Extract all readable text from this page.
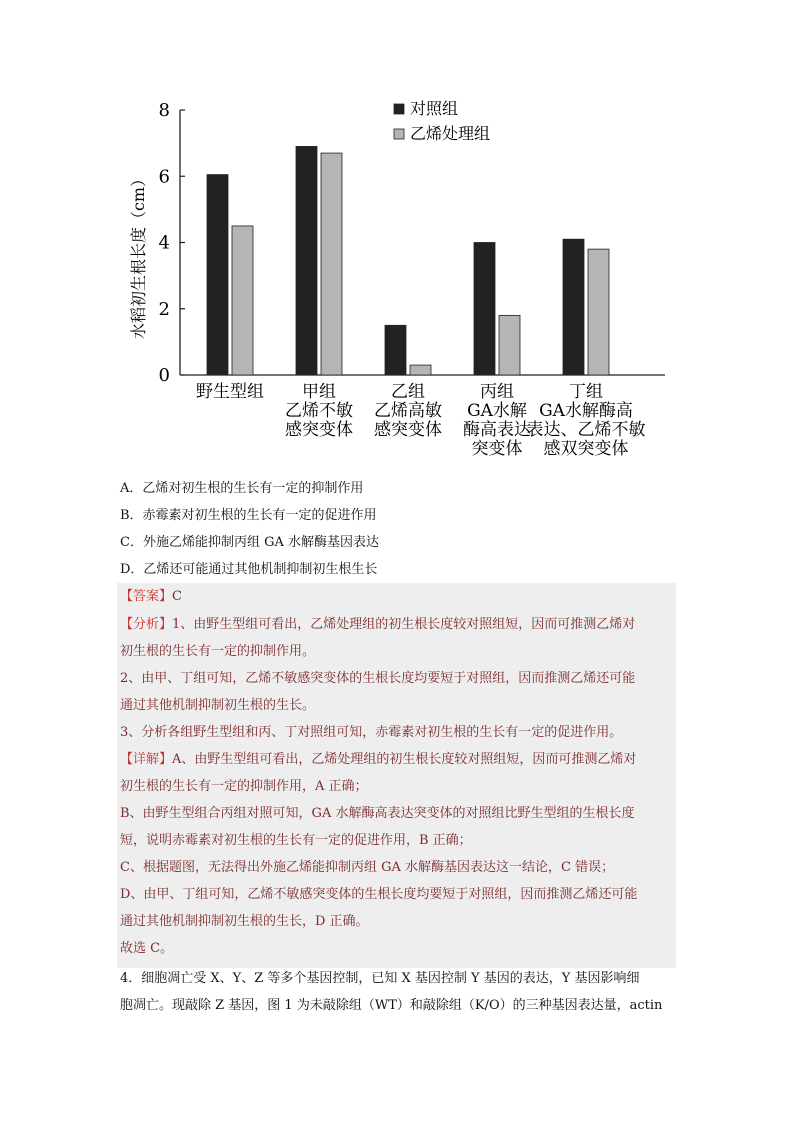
0
2
4
6
8
野生型组 甲组
乙烯不敏
感突变体
乙组
乙烯高敏
感突变体
丙组
GA水解
酶高表达
突变体
丁组
GA水解酶高
表达、乙烯不敏
感双突变体
对照组
乙烯处理组
水稻初生根长度（cm）
A．乙烯对初生根的生长有一定的抑制作用
B．赤霉素对初生根的生长有一定的促进作用
C．外施乙烯能抑制丙组 GA 水解酶基因表达
D．乙烯还可能通过其他机制抑制初生根生长
【答案】C
【分析】1、由野生型组可看出，乙烯处理组的初生根长度较对照组短，因而可推测乙烯对
初生根的生长有一定的抑制作用。
2、由甲、丁组可知，乙烯不敏感突变体的生根长度均要短于对照组，因而推测乙烯还可能
通过其他机制抑制初生根的生长。
3、分析各组野生型组和丙、丁对照组可知，赤霉素对初生根的生长有一定的促进作用。
【详解】A、由野生型组可看出，乙烯处理组的初生根长度较对照组短，因而可推测乙烯对
初生根的生长有一定的抑制作用，A 正确；
B、由野生型组合丙组对照可知，GA 水解酶高表达突变体的对照组比野生型组的生根长度
短，说明赤霉素对初生根的生长有一定的促进作用，B 正确；
C、根据题图，无法得出外施乙烯能抑制丙组 GA 水解酶基因表达这一结论，C 错误；
D、由甲、丁组可知，乙烯不敏感突变体的生根长度均要短于对照组，因而推测乙烯还可能
通过其他机制抑制初生根的生长，D 正确。
故选 C。
4．细胞凋亡受 X、Y、Z 等多个基因控制，已知 X 基因控制 Y 基因的表达，Y 基因影响细
胞凋亡。现敲除 Z 基因，图 1 为未敲除组（WT）和敲除组（K/O）的三种基因表达量，actin
